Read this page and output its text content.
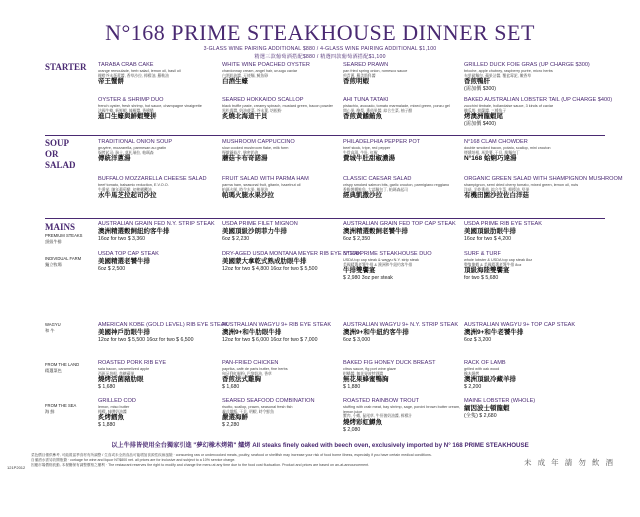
N°168 PRIME STEAKHOUSE DINNER SET
3-GLASS WINE PAIRING ADDITIONAL $880 / 4-GLASS WINE PAIRING ADDITIONAL $1,100
精選三款葡萄酒搭配$880 / 精選四款葡萄酒搭配$1,100
STARTER
SOUP
OR
SALAD
MAINS
PREMIUM STEAKS
頂級牛排
INDIVIDUAL FARM
獨立牧場
WAGYU
和 牛
FROM THE LAND
精選菜色
FROM THE SEA
海 鮮
TARABA CRAB CAKE
orange remoulade, herb salad, lemon oil, basil oil
柳橙芥末蛋黃醬, 香草沙拉, 檸檬油, 羅勒油
帝王蟹餅
WHITE WINE POACHED OYSTER
chardonnay cream, angel hair, uruugu caviar
白酒奶油醬, 天使麵, 鱘魚卵
白酒生蠔
SEARED PRAWN
pan fried spring onion, romesco sauce
煎青蔥, 羅美斯科醬
香煎明蝦
GRILLED DUCK FOIE GRAS (UP CHARGE $300)
brioche, apple chutney, raspberry purée, micro herbs
布里歐麵包, 蘋果沾醬, 覆盆莓泥, 嫩香草
香煎鴨肝
(需加價 $300)
OYSTER & SHRIMP DUO
french oyster, fresh shrimp, hot sauce, champagne vinaigrette
法國生蠔, 新鮮蝦, 辣椒醬, 香檳醋
進口生蠔與鮮蝦雙拼
SEARED HOKKAIDO SCALLOP
black truffle paste, creamy spinach, mustard green, bacon powder
黑松露醬, 奶油菠菜, 芥末葉, 培根粉
炙燒北海道干貝
AHI TUNA TATAKI
pistachio, avocado, tomato marmalade, mixed green, ponzu gel
開心果, 酪梨, 番茄果醬, 綜合生菜, 柚子醋
香煎黃鰭鮪魚
BAKED AUSTRALIAN LOBSTER TAIL (UP CHARGE $400)
zucchini timbale, hollandaise sauce, 3 kinds of caviar
櫛瓜塔, 荷蘭醬, 三種魚子
烤澳洲龍蝦尾
(需加價 $400)
TRADITIONAL ONION SOUP
gruyère, mozzarella, parmesan au gratin
焗烤起司: 瑞士, 莫札瑞拉, 帕瑪森
傳統洋蔥湯
MUSHROOM CAPPUCCINO
slow cooked mushroom flake, milk form
慢燉蘑菇片, 綿密奶泡
蘑菇卡布奇諾湯
PHILADELPHIA PEPPER POT
beef stock, tripe, red pepper
牛骨高湯, 牛肚, 紅椒
費城牛肚甜椒濃湯
N°168 CLAM CHOWDER
double smoked bacon, potato, scallop, mini crouton
煙燻培根, 馬鈴薯, 干貝, 脆麵包丁
N°168 蛤蜊巧達湯
BUFFALO MOZZARELLA CHEESE SALAD
beef tomato, balsamic reduction, E.V.O.O.
牛番茄, 陳年葡萄醋, 初榨橄欖油
水牛馬芝拉起司沙拉
FRUIT SALAD WITH PARMA HAM
parma ham, seasonal fruit, gitanin, hazelnut oil
帕瑪火腿, 時令水果, 榛果油
帕瑪火腿水果沙拉
CLASSIC CAESAR SALAD
crispy smoked salmon bits, garlic crouton, parmigiano reggiano
香脆煙燻鮭魚, 大蒜麵包丁, 帕瑪森起司
經典凱撒沙拉
ORGANIC GREEN SALAD WITH SHAMPIGNON MUSHROOM
shampignon, semi dried cherry tomato, mixed green, lemon oil, nuts
洋菇, 半乾番茄, 綜合生菜, 檸檬油, 堅果
有機田園沙拉佐白洋菇
AUSTRALIAN GRAIN FED N.Y. STRIP STEAK
澳洲精選穀飼紐約客牛排
16oz for two $ 3,360
USDA PRIME FILET MIGNON
美國頂級沙朗菲力牛排
6oz $ 2,230
AUSTRALIAN GRAIN FED TOP CAP STEAK
澳洲精選穀飼老饕牛排
6oz $ 2,350
USDA PRIME RIB EYE STEAK
美國頂級肋眼牛排
16oz for two $ 4,200
USDA TOP CAP STEAK
美國精選老饕牛排
6oz $ 2,500
DRY-AGED USDA MONTANA MEYER RIB EYE STEAK
美國蒙大拿乾式熟成肋眼牛排
12oz for two $ 4,800 16oz for two $ 5,500
N°168 PRIME STEAKHOUSE DUO
USDA top cap steak & wagyu N.Y. strip steak
美國精選老饕牛排 & 澳洲和牛紐約客牛排
牛排雙饗宴
$ 2,980 3oz per steak
SURF & TURF
whole lobster & USDA top cap steak 8oz
整隻龍蝦 & 美國精選老饕牛排 8oz
頂級海陸雙饗宴
for two $ 5,680
AMERICAN KOBE (GOLD LEVEL) RIB EYE STEAK
美國神戶肋眼牛排
12oz for two $ 5,500 16oz for two $ 6,500
AUSTRALIAN WAGYU 9+ RIB EYE STEAK
澳洲9+和牛肋眼牛排
12oz for two $ 6,000 16oz for two $ 7,000
AUSTRALIAN WAGYU 9+ N.Y. STRIP STEAK
澳洲9+和牛紐約客牛排
6oz $ 3,000
AUSTRALIAN WAGYU 9+ TOP CAP STEAK
澳洲9+和牛老饕牛排
6oz $ 3,200
ROASTED PORK RIB EYE
sala bacon, caramelized apple
西班牙培根, 焦糖蘋果
燒烤活菌豬肋眼
$ 1,680
PAN-FRIED CHICKEN
paprika, café de paris butter, fine herbs
匈牙利紅椒粉, 巴黎奶油, 香草
香煎法式雞胸
$ 1,680
BAKED FIG HONEY DUCK BREAST
citrus sauce, fig port wine glaze
柑橘醬, 無花果波特酒醬
無花果蜂蜜鴨胸
$ 1,880
RACK OF LAMB
grilled with oak wood
橡木燒烤
澳洲頂級冷藏羊排
$ 2,200
GRILLED COD
lemon, miso butter
檸檬, 味噌奶油醬
炙烤鱈魚
$ 1,880
SEARED SEAFOOD COMBINATION
risotto, scallop, prawn, seasonal fresh fish
義式燉飯, 干貝, 明蝦, 時令鮮魚
嚴選海鮮
$ 2,280
ROASTED RAINBOW TROUT
stuffing with crab meat, bay shrimp, sage, porcini brown butter cream, lemon juice
蟹肉, 小蝦, 鼠尾草, 牛肝菌奶油醬, 檸檬汁
燒烤彩虹鱒魚
$ 2,080
MAINE LOBSTER (WHOLE)
緬因波士頓龍蝦
(全隻) $ 2,680
以上牛排皆使用全台獨家引進 "夢幻橡木烤箱" 爐烤 All steaks finely oaked with beech oven, exclusively imported by N° 168 PRIME STEAKHOUSE
菜色價目僅供參考, 可能視當季食材有所調整 / 生食或未全熟食品可能增加食源性疾病風險 · consuming raw or undercooked meats, poultry, seafood or shellfish may increase your risk of food borne illness, especially if you have certain medical conditions.
自備酒水需另收開瓶費 · corkage for wine and liquor NT$800 net. all prices are for inclusive and subject to a 10% service charge.
因應市場價格波動, 本餐廳保有調整價格之權利 · The restaurant reserves the right to modify and change the menu at any time due to the food cost fluctuation. Product and prices are based on an-at-announcement.	未 成 年 請 勿 飲 酒
121P2012
